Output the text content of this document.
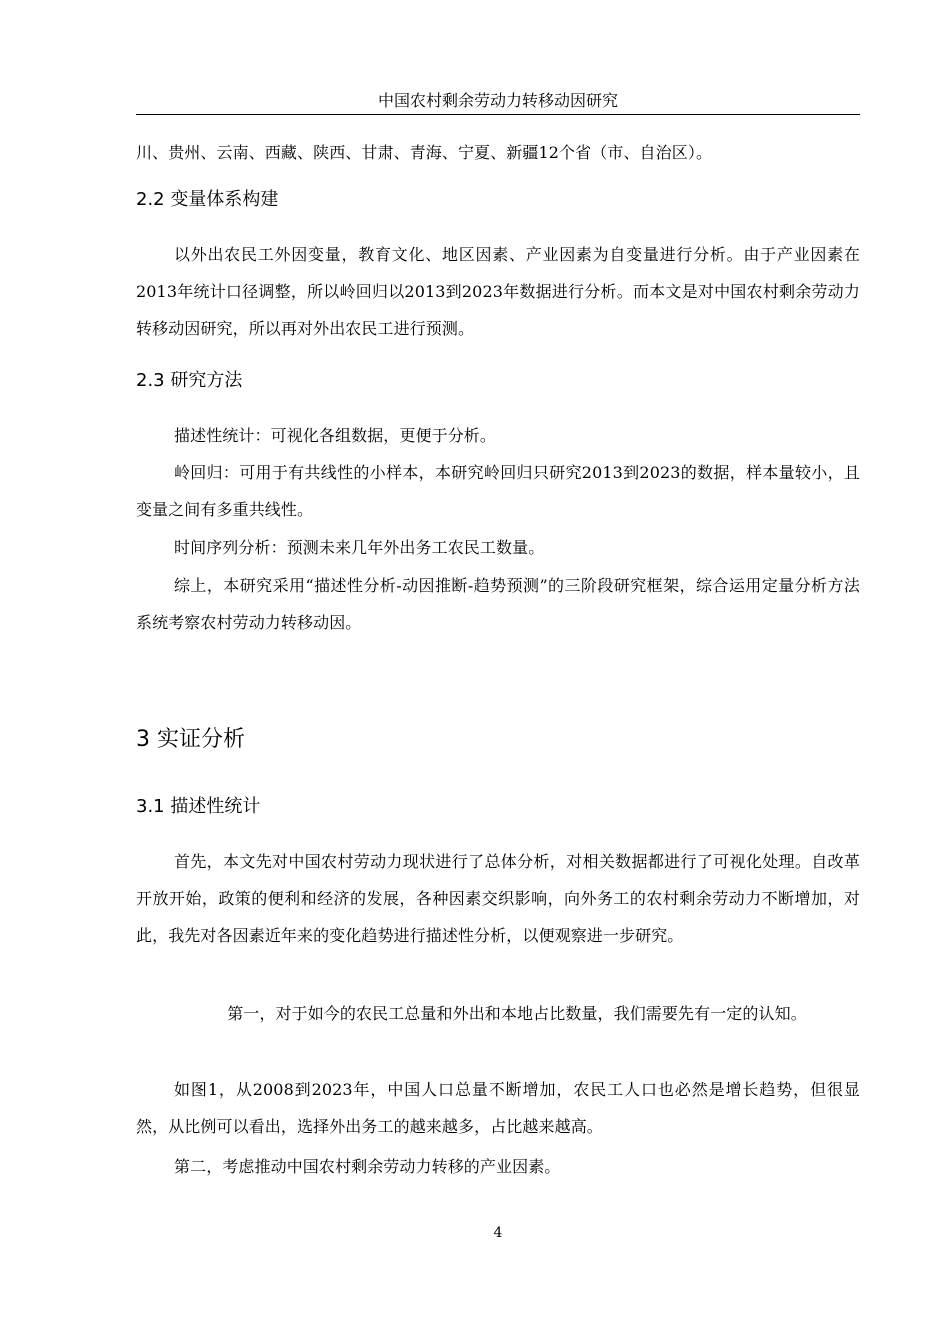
中国农村剩余劳动力转移动因研究

川、贵州、云南、西藏、陕西、甘肃、青海、宁夏、新疆12个省（市、自治区）。

2.2 变量体系构建

以外出农民工外因变量，教育文化、地区因素、产业因素为自变量进行分析。由于产业因素在2013年统计口径调整，所以岭回归以2013到2023年数据进行分析。而本文是对中国农村剩余劳动力转移动因研究，所以再对外出农民工进行预测。

2.3 研究方法

描述性统计：可视化各组数据，更便于分析。

岭回归：可用于有共线性的小样本，本研究岭回归只研究2013到2023的数据，样本量较小，且变量之间有多重共线性。

时间序列分析：预测未来几年外出务工农民工数量。

综上，本研究采用“描述性分析-动因推断-趋势预测”的三阶段研究框架，综合运用定量分析方法系统考察农村劳动力转移动因。

3 实证分析
3.1 描述性统计

首先，本文先对中国农村劳动力现状进行了总体分析，对相关数据都进行了可视化处理。自改革开放开始，政策的便利和经济的发展，各种因素交织影响，向外务工的农村剩余劳动力不断增加，对此，我先对各因素近年来的变化趋势进行描述性分析，以便观察进一步研究。

第一，对于如今的农民工总量和外出和本地占比数量，我们需要先有一定的认知。

如图1，从2008到2023年，中国人口总量不断增加，农民工人口也必然是增长趋势，但很显然，从比例可以看出，选择外出务工的越来越多，占比越来越高。

第二，考虑推动中国农村剩余劳动力转移的产业因素。

4
